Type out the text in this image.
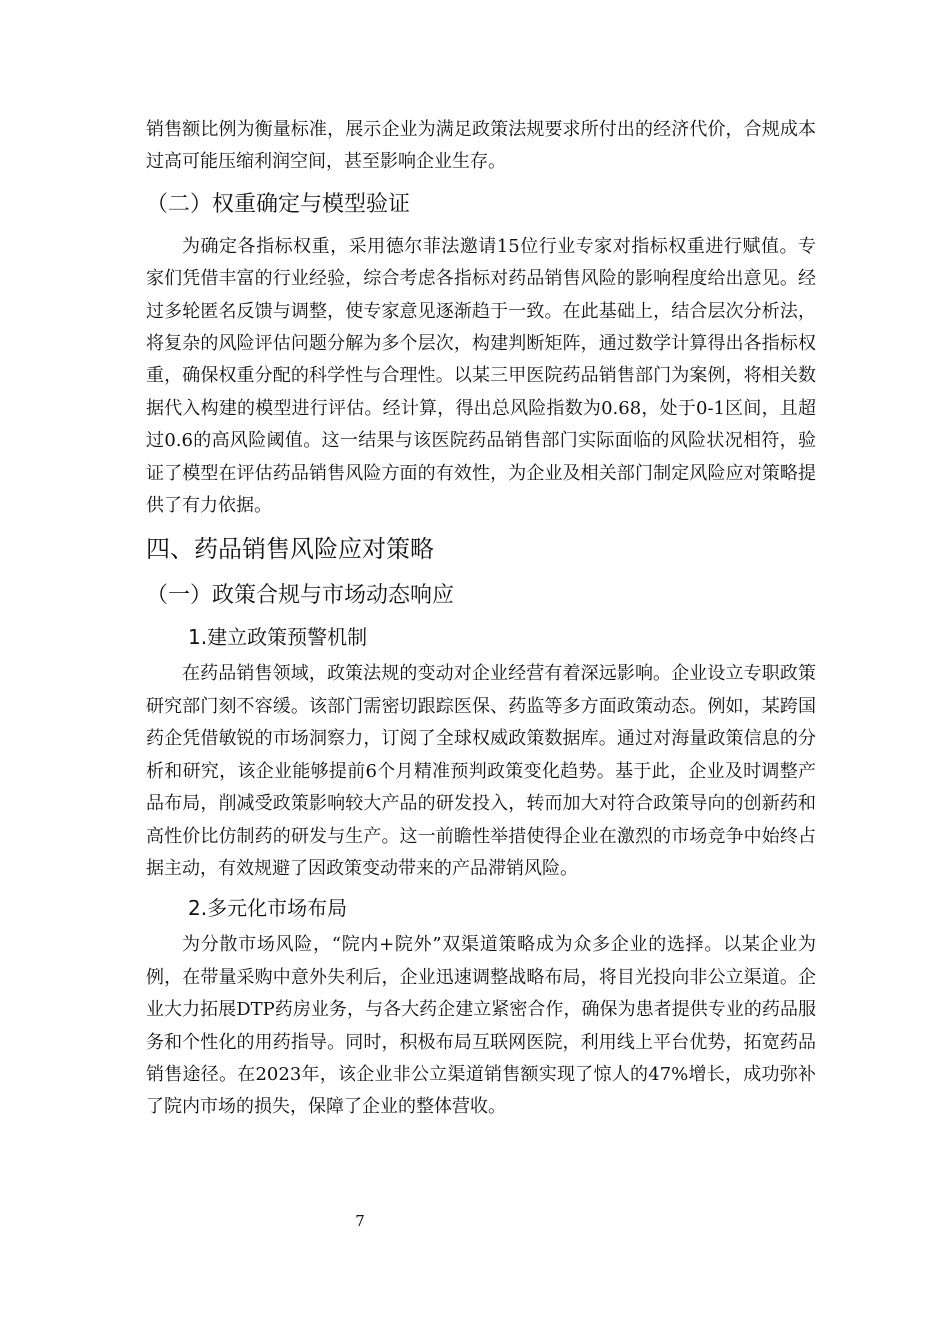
销售额比例为衡量标准，展示企业为满足政策法规要求所付出的经济代价，合规成本过高可能压缩利润空间，甚至影响企业生存。

（二）权重确定与模型验证

为确定各指标权重，采用德尔菲法邀请15位行业专家对指标权重进行赋值。专家们凭借丰富的行业经验，综合考虑各指标对药品销售风险的影响程度给出意见。经过多轮匿名反馈与调整，使专家意见逐渐趋于一致。在此基础上，结合层次分析法，将复杂的风险评估问题分解为多个层次，构建判断矩阵，通过数学计算得出各指标权重，确保权重分配的科学性与合理性。以某三甲医院药品销售部门为案例，将相关数据代入构建的模型进行评估。经计算，得出总风险指数为0.68，处于0-1区间，且超过0.6的高风险阈值。这一结果与该医院药品销售部门实际面临的风险状况相符，验证了模型在评估药品销售风险方面的有效性，为企业及相关部门制定风险应对策略提供了有力依据。

四、药品销售风险应对策略
（一）政策合规与市场动态响应
1.建立政策预警机制

在药品销售领域，政策法规的变动对企业经营有着深远影响。企业设立专职政策研究部门刻不容缓。该部门需密切跟踪医保、药监等多方面政策动态。例如，某跨国药企凭借敏锐的市场洞察力，订阅了全球权威政策数据库。通过对海量政策信息的分析和研究，该企业能够提前6个月精准预判政策变化趋势。基于此，企业及时调整产品布局，削减受政策影响较大产品的研发投入，转而加大对符合政策导向的创新药和高性价比仿制药的研发与生产。这一前瞻性举措使得企业在激烈的市场竞争中始终占据主动，有效规避了因政策变动带来的产品滞销风险。

2.多元化市场布局

为分散市场风险，“院内+院外”双渠道策略成为众多企业的选择。以某企业为例，在带量采购中意外失利后，企业迅速调整战略布局，将目光投向非公立渠道。企业大力拓展DTP药房业务，与各大药企建立紧密合作，确保为患者提供专业的药品服务和个性化的用药指导。同时，积极布局互联网医院，利用线上平台优势，拓宽药品销售途径。在2023年，该企业非公立渠道销售额实现了惊人的47%增长，成功弥补了院内市场的损失，保障了企业的整体营收。

7
